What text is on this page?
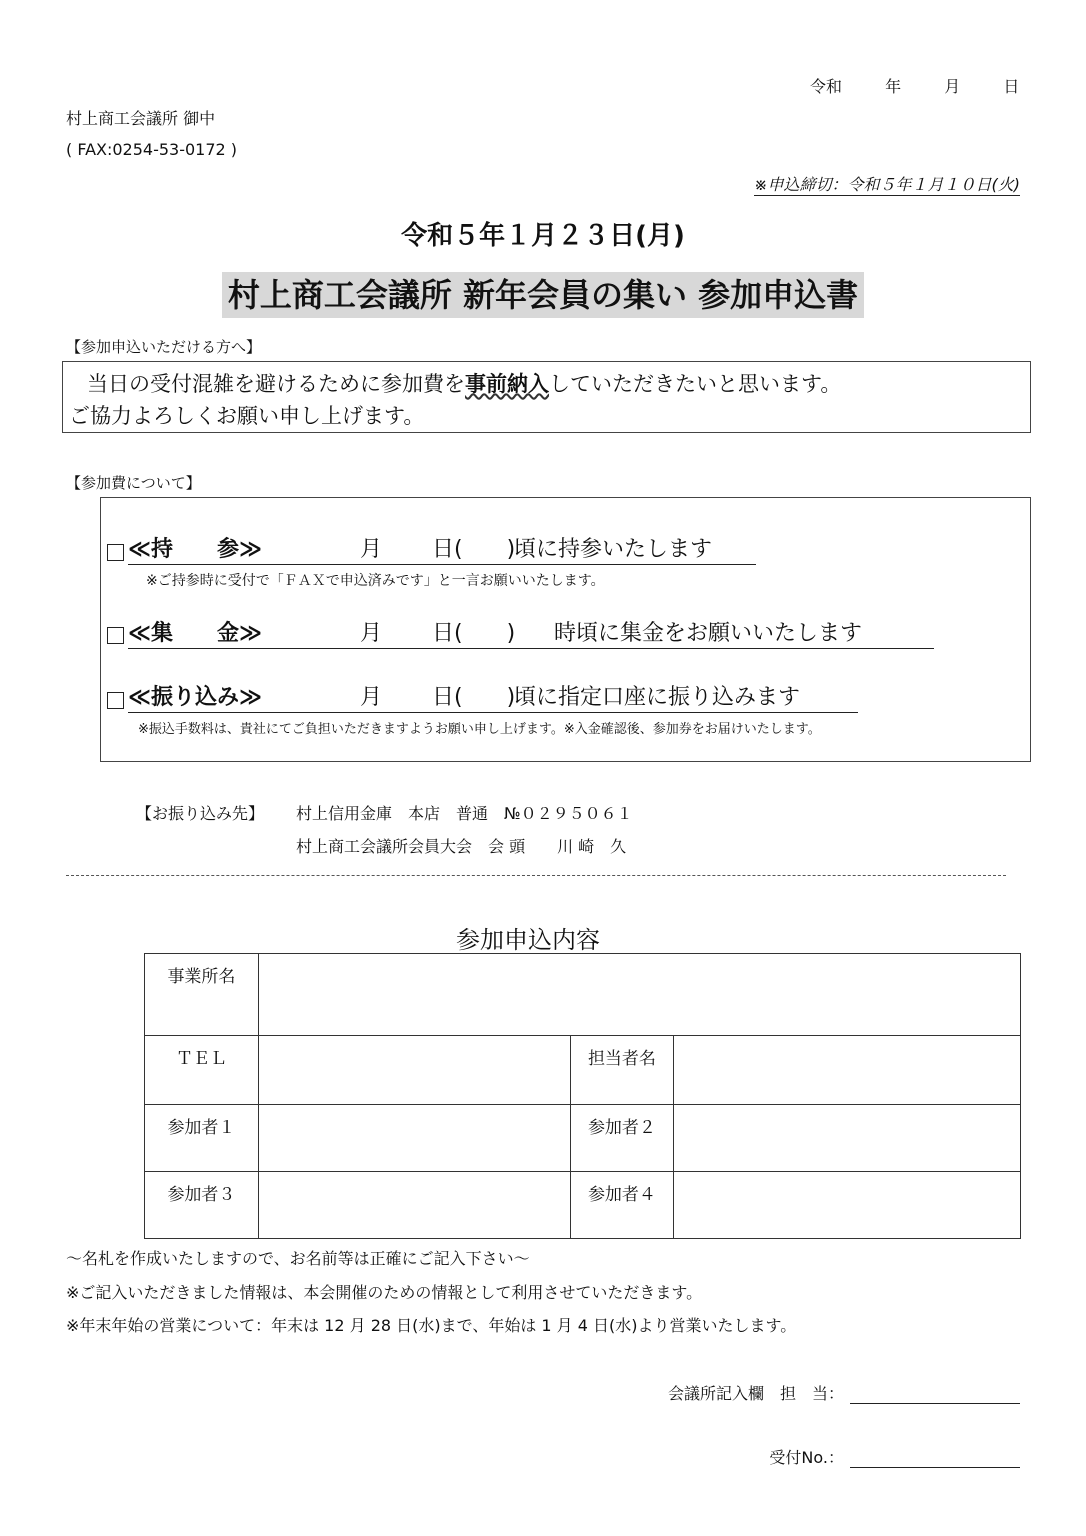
令和	年	月	日
村上商工会議所 御中
( FAX:0254-53-0172 )
※申込締切：令和５年１月１０日(火)
令和５年１月２３日(月)
村上商工会議所 新年会員の集い 参加申込書
【参加申込いただける方へ】
当日の受付混雑を避けるために参加費を事前納入していただきたいと思います。
ご協力よろしくお願い申し上げます。
【参加費について】
≪持　　参≫	月 日(　　)頃に持参いたします
※ご持参時に受付で「ＦＡＸで申込済みです」と一言お願いいたします。
≪集　　金≫	月 日(　　) 時頃に集金をお願いいたします
≪振り込み≫	月 日(　　)頃に指定口座に振り込みます
※振込手数料は、貴社にてご負担いただきますようお願い申し上げます。※入金確認後、参加券をお届けいたします。
【お振り込み先】 村上信用金庫　本店　普通　№０２９５０６１
村上商工会議所会員大会　会 頭　　川 崎　久
参加申込内容
事業所名			
ＴＥＬ		担当者名	
参加者１		参加者２	
参加者３		参加者４	
～名札を作成いたしますので、お名前等は正確にご記入下さい～
※ご記入いただきました情報は、本会開催のための情報として利用させていただきます。
※年末年始の営業について：年末は 12 月 28 日(水)まで、年始は 1 月 4 日(水)より営業いたします。
会議所記入欄　担　当：
受付No.：
